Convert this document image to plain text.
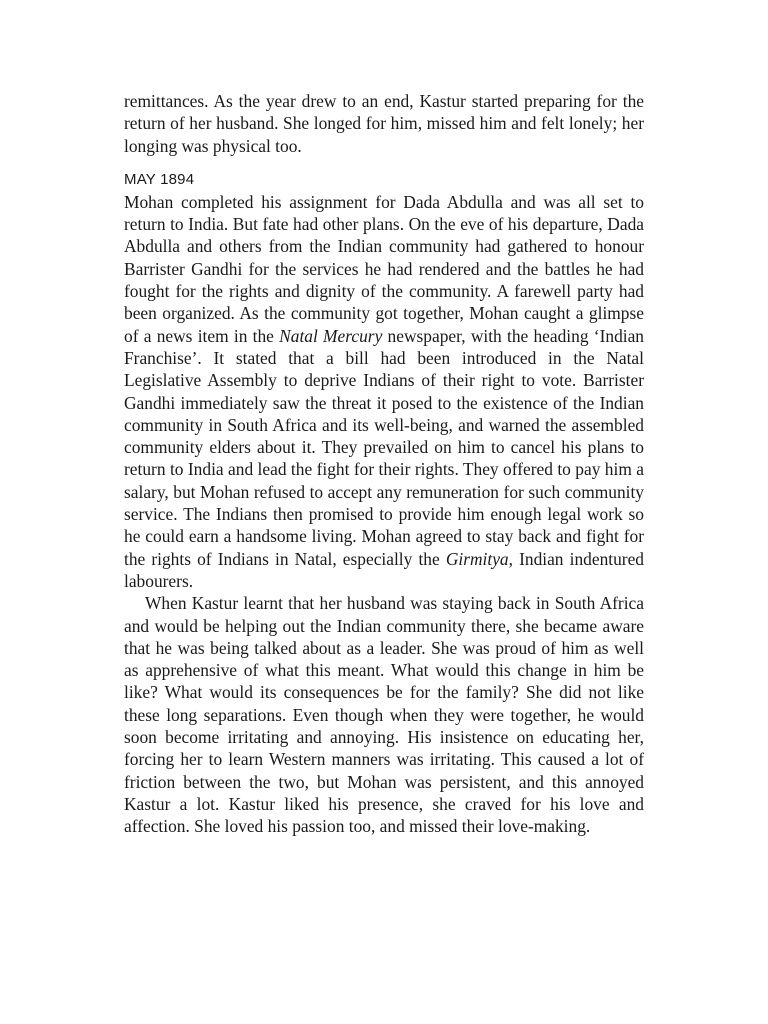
remittances. As the year drew to an end, Kastur started preparing for the return of her husband. She longed for him, missed him and felt lonely; her longing was physical too.

MAY 1894

Mohan completed his assignment for Dada Abdulla and was all set to return to India. But fate had other plans. On the eve of his departure, Dada Abdulla and others from the Indian community had gathered to honour Barrister Gandhi for the services he had rendered and the battles he had fought for the rights and dignity of the community. A farewell party had been organized. As the community got together, Mohan caught a glimpse of a news item in the Natal Mercury newspaper, with the heading ‘Indian Franchise’. It stated that a bill had been introduced in the Natal Legislative Assembly to deprive Indians of their right to vote. Barrister Gandhi immediately saw the threat it posed to the existence of the Indian community in South Africa and its well-being, and warned the assembled community elders about it. They prevailed on him to cancel his plans to return to India and lead the fight for their rights. They offered to pay him a salary, but Mohan refused to accept any remuneration for such community service. The Indians then promised to provide him enough legal work so he could earn a handsome living. Mohan agreed to stay back and fight for the rights of Indians in Natal, especially the Girmitya, Indian indentured labourers.

When Kastur learnt that her husband was staying back in South Africa and would be helping out the Indian community there, she became aware that he was being talked about as a leader. She was proud of him as well as apprehensive of what this meant. What would this change in him be like? What would its consequences be for the family? She did not like these long separations. Even though when they were together, he would soon become irritating and annoying. His insistence on educating her, forcing her to learn Western manners was irritating. This caused a lot of friction between the two, but Mohan was persistent, and this annoyed Kastur a lot. Kastur liked his presence, she craved for his love and affection. She loved his passion too, and missed their love-making.
